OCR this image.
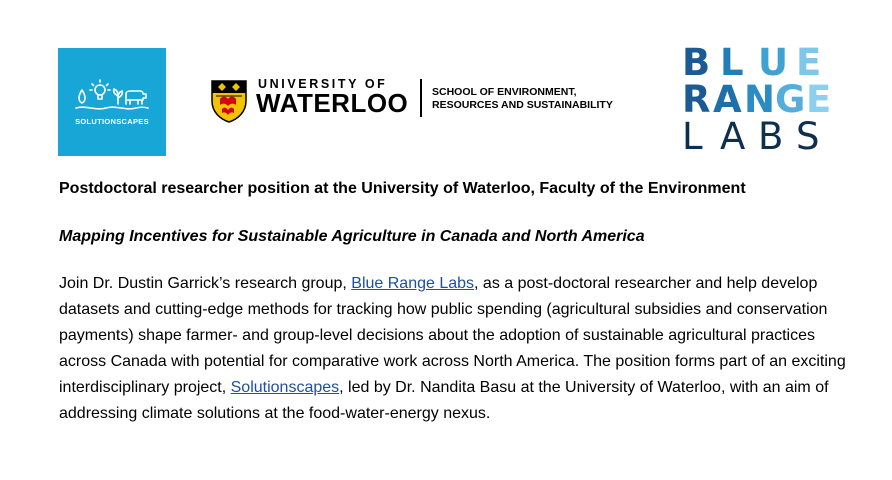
SOLUTIONSCAPES
UNIVERSITY OF
WATERLOO SCHOOL OF ENVIRONMENT,
RESOURCES AND SUSTAINABILITY
B L U E
RANGE
L A B S
Postdoctoral researcher position at the University of Waterloo, Faculty of the Environment
Mapping Incentives for Sustainable Agriculture in Canada and North America
Join Dr. Dustin Garrick’s research group, Blue Range Labs, as a post-doctoral researcher and help develop datasets and cutting-edge methods for tracking how public spending (agricultural subsidies and conservation payments) shape farmer- and group-level decisions about the adoption of sustainable agricultural practices across Canada with potential for comparative work across North America. The position forms part of an exciting interdisciplinary project, Solutionscapes, led by Dr. Nandita Basu at the University of Waterloo, with an aim of addressing climate solutions at the food-water-energy nexus.
